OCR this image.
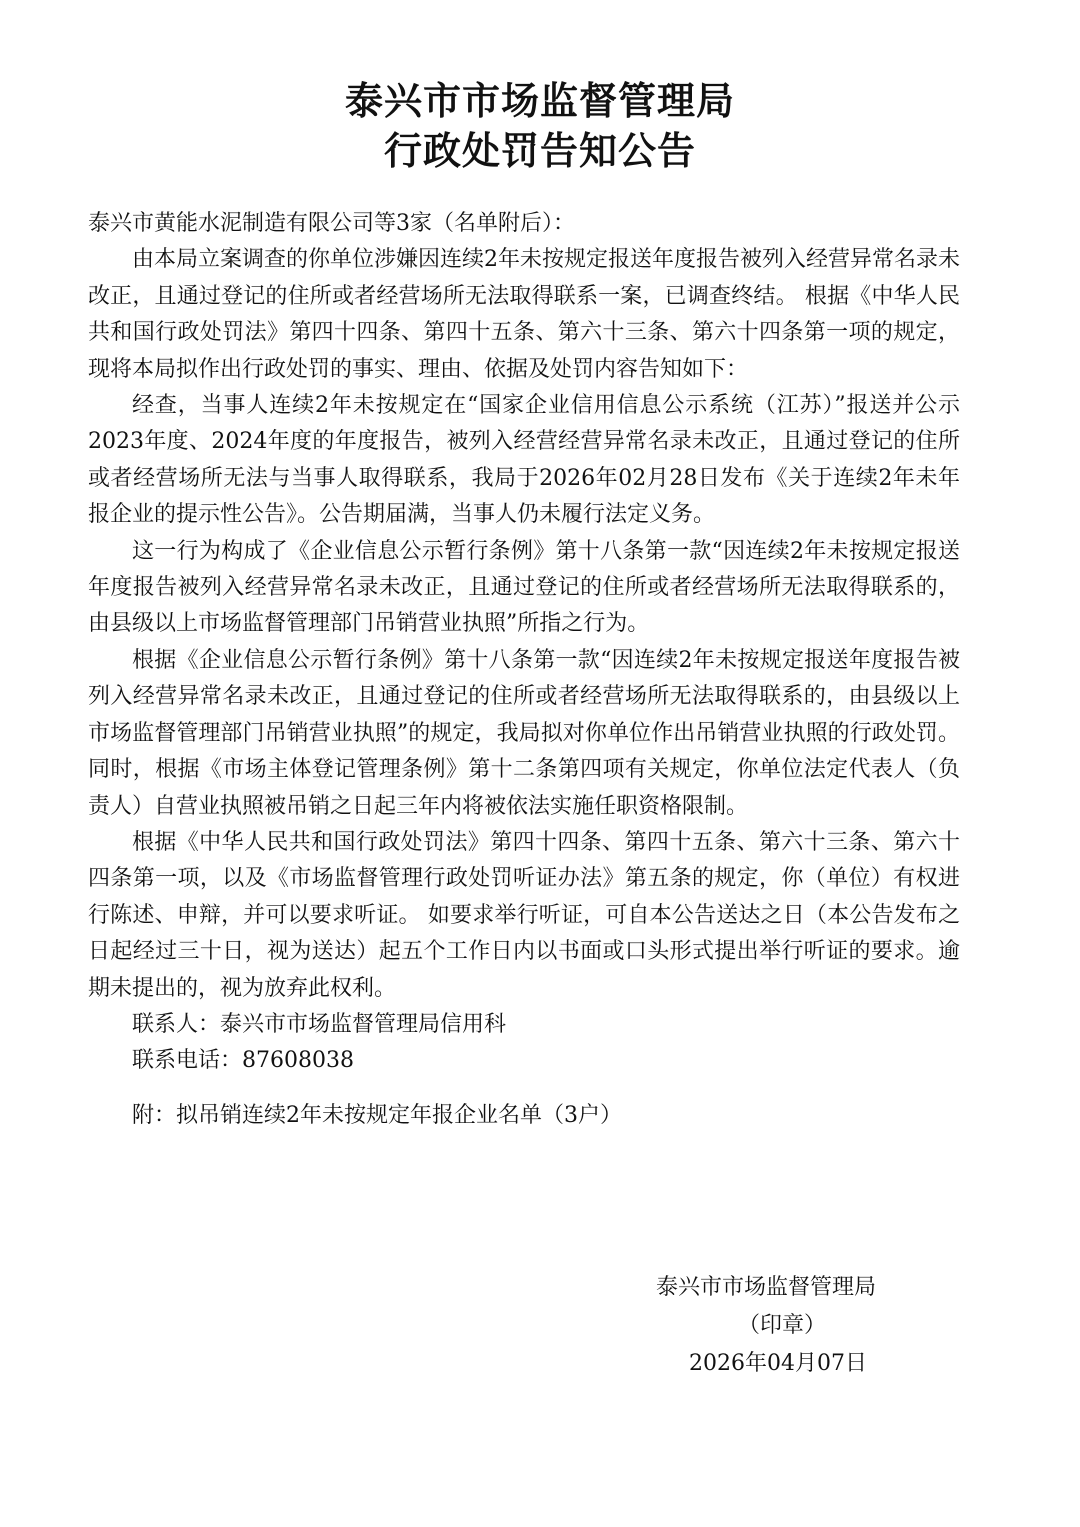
泰兴市市场监督管理局
行政处罚告知公告

泰兴市黄能水泥制造有限公司等3家（名单附后）：

由本局立案调查的你单位涉嫌因连续2年未按规定报送年度报告被列入经营异常名录未改正，且通过登记的住所或者经营场所无法取得联系一案，已调查终结。 根据《中华人民共和国行政处罚法》第四十四条、第四十五条、第六十三条、第六十四条第一项的规定，现将本局拟作出行政处罚的事实、理由、依据及处罚内容告知如下：

经查，当事人连续2年未按规定在“国家企业信用信息公示系统（江苏）”报送并公示2023年度、2024年度的年度报告，被列入经营经营异常名录未改正，且通过登记的住所或者经营场所无法与当事人取得联系，我局于2026年02月28日发布《关于连续2年未年报企业的提示性公告》。公告期届满，当事人仍未履行法定义务。

这一行为构成了《企业信息公示暂行条例》第十八条第一款“因连续2年未按规定报送年度报告被列入经营异常名录未改正，且通过登记的住所或者经营场所无法取得联系的，由县级以上市场监督管理部门吊销营业执照”所指之行为。

根据《企业信息公示暂行条例》第十八条第一款“因连续2年未按规定报送年度报告被列入经营异常名录未改正，且通过登记的住所或者经营场所无法取得联系的，由县级以上市场监督管理部门吊销营业执照”的规定，我局拟对你单位作出吊销营业执照的行政处罚。 同时，根据《市场主体登记管理条例》第十二条第四项有关规定，你单位法定代表人（负责人）自营业执照被吊销之日起三年内将被依法实施任职资格限制。

根据《中华人民共和国行政处罚法》第四十四条、第四十五条、第六十三条、第六十四条第一项，以及《市场监督管理行政处罚听证办法》第五条的规定，你（单位）有权进行陈述、申辩，并可以要求听证。 如要求举行听证，可自本公告送达之日（本公告发布之日起经过三十日，视为送达）起五个工作日内以书面或口头形式提出举行听证的要求。逾期未提出的，视为放弃此权利。

联系人：泰兴市市场监督管理局信用科

联系电话：87608038

附：拟吊销连续2年未按规定年报企业名单（3户）

泰兴市市场监督管理局
（印章）
2026年04月07日
